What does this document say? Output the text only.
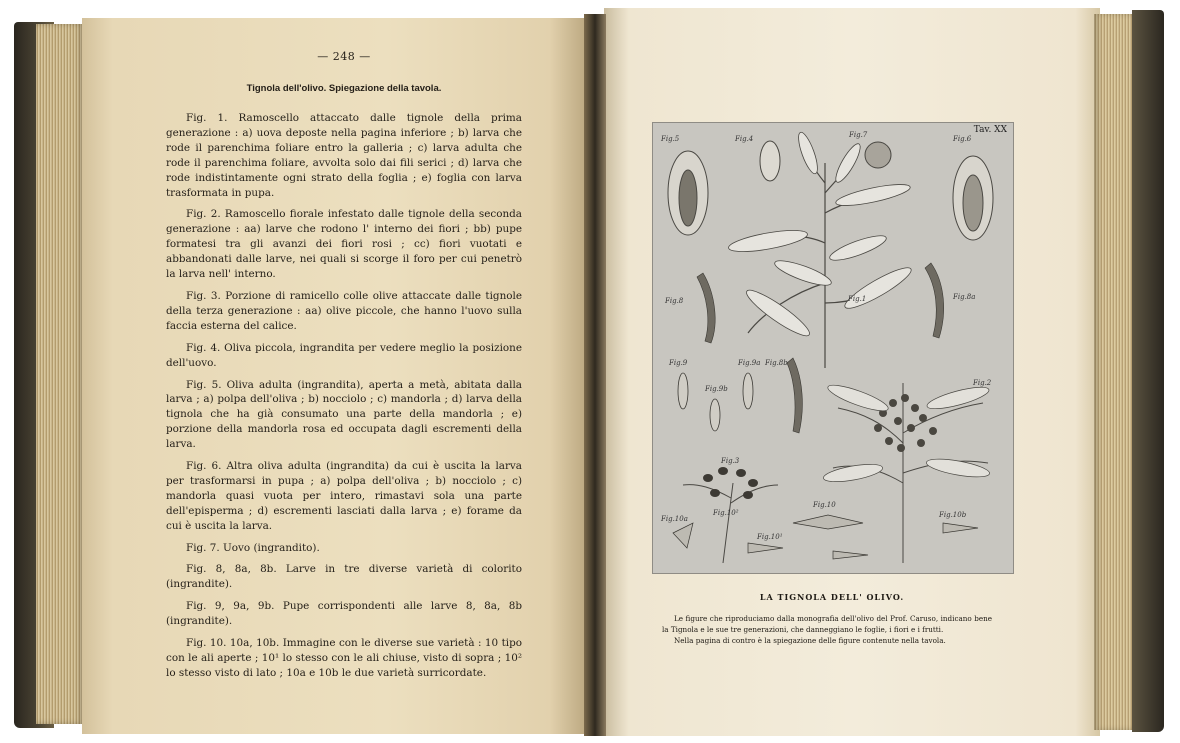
— 248 —
Tignola dell'olivo. Spiegazione della tavola.

Fig. 1. Ramoscello attaccato dalle tignole della prima generazione : a) uova deposte nella pagina inferiore ; b) larva che rode il parenchima foliare entro la galleria ; c) larva adulta che rode il parenchima foliare, avvolta solo dai fili serici ; d) larva che rode indistintamente ogni strato della foglia ; e) foglia con larva trasformata in pupa.

Fig. 2. Ramoscello fiorale infestato dalle tignole della seconda generazione : aa) larve che rodono l' interno dei fiori ; bb) pupe formatesi tra gli avanzi dei fiori rosi ; cc) fiori vuotati e abbandonati dalle larve, nei quali si scorge il foro per cui penetrò la larva nell' interno.

Fig. 3. Porzione di ramicello colle olive attaccate dalle tignole della terza generazione : aa) olive piccole, che hanno l'uovo sulla faccia esterna del calice.

Fig. 4. Oliva piccola, ingrandita per vedere meglio la posizione dell'uovo.

Fig. 5. Oliva adulta (ingrandita), aperta a metà, abitata dalla larva ; a) polpa dell'oliva ; b) nocciolo ; c) mandorla ; d) larva della tignola che ha già consumato una parte della mandorla ; e) porzione della mandorla rosa ed occupata dagli escrementi della larva.

Fig. 6. Altra oliva adulta (ingrandita) da cui è uscita la larva per trasformarsi in pupa ; a) polpa dell'oliva ; b) nocciolo ; c) mandorla quasi vuota per intero, rimastavi sola una parte dell'episperma ; d) escrementi lasciati dalla larva ; e) forame da cui è uscita la larva.

Fig. 7. Uovo (ingrandito).

Fig. 8, 8a, 8b. Larve in tre diverse varietà di colorito (ingrandite).

Fig. 9, 9a, 9b. Pupe corrispondenti alle larve 8, 8a, 8b (ingrandite).

Fig. 10. 10a, 10b. Immagine con le diverse sue varietà : 10 tipo con le ali aperte ; 10¹ lo stesso con le ali chiuse, visto di sopra ; 10² lo stesso visto di lato ; 10a e 10b le due varietà surricordate.

Fig.5	Fig.4	Fig.7	Fig.6
Fig.8	Fig.1	Fig.8a
Fig.9	Fig.9a Fig.8b
Fig.9b
Fig.2
Fig.3
Fig.10
Fig.10a
Fig.10²
Fig.10¹
Fig.10b
Tav. XX
LA TIGNOLA DELL' OLIVO.

Le figure che riproduciamo dalla monografia dell'olivo del Prof. Caruso, indicano bene la Tignola e le sue tre generazioni, che danneggiano le foglie, i fiori e i frutti.

Nella pagina di contro è la spiegazione delle figure contenute nella tavola.
